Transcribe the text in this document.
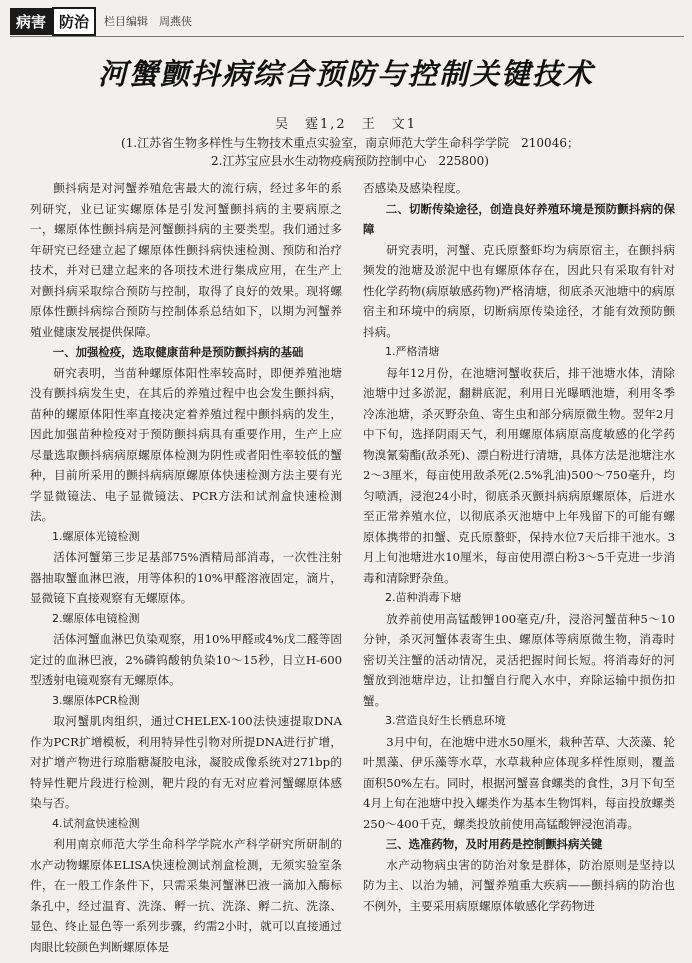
病害 防治	栏目编辑　周燕侠
河蟹颤抖病综合预防与控制关键技术
吴　霆1,2　王　文1
(1.江苏省生物多样性与生物技术重点实验室，南京师范大学生命科学学院　210046；
2.江苏宝应县水生动物疫病预防控制中心　225800)

颤抖病是对河蟹养殖危害最大的流行病，经过多年的系列研究，业已证实螺原体是引发河蟹颤抖病的主要病原之一，螺原体性颤抖病是河蟹颤抖病的主要类型。我们通过多年研究已经建立起了螺原体性颤抖病快速检测、预防和治疗技术，并对已建立起来的各项技术进行集成应用，在生产上对颤抖病采取综合预防与控制，取得了良好的效果。现将螺原体性颤抖病综合预防与控制体系总结如下，以期为河蟹养殖业健康发展提供保障。

一、加强检疫，选取健康苗种是预防颤抖病的基础

研究表明，当苗种螺原体阳性率较高时，即便养殖池塘没有颤抖病发生史，在其后的养殖过程中也会发生颤抖病，苗种的螺原体阳性率直接决定着养殖过程中颤抖病的发生，因此加强苗种检疫对于预防颤抖病具有重要作用，生产上应尽量选取颤抖病病原螺原体检测为阴性或者阳性率较低的蟹种，目前所采用的颤抖病病原螺原体快速检测方法主要有光学显微镜法、电子显微镜法、PCR方法和试剂盒快速检测法。

1.螺原体光镜检测

活体河蟹第三步足基部75%酒精局部消毒，一次性注射器抽取蟹血淋巴液，用等体积的10%甲醛溶液固定，滴片，显微镜下直接观察有无螺原体。

2.螺原体电镜检测

活体河蟹血淋巴负染观察，用10%甲醛或4%戊二醛等固定过的血淋巴液，2%磷钨酸钠负染10～15秒，日立H-600型透射电镜观察有无螺原体。

3.螺原体PCR检测

取河蟹肌肉组织，通过CHELEX-100法快速提取DNA作为PCR扩增模板，利用特异性引物对所提DNA进行扩增，对扩增产物进行琼脂糖凝胶电泳，凝胶成像系统对271bp的特异性靶片段进行检测，靶片段的有无对应着河蟹螺原体感染与否。

4.试剂盒快速检测

利用南京师范大学生命科学学院水产科学研究所研制的水产动物螺原体ELISA快速检测试剂盒检测，无须实验室条件，在一般工作条件下，只需采集河蟹淋巴液一滴加入酶标条孔中，经过温育、洗涤、孵一抗、洗涤、孵二抗、洗涤、显色、终止显色等一系列步骤，约需2小时，就可以直接通过肉眼比较颜色判断螺原体是

否感染及感染程度。

二、切断传染途径，创造良好养殖环境是预防颤抖病的保障

研究表明，河蟹、克氏原螯虾均为病原宿主，在颤抖病频发的池塘及淤泥中也有螺原体存在，因此只有采取有针对性化学药物(病原敏感药物)严格清塘，彻底杀灭池塘中的病原宿主和环境中的病原，切断病原传染途径，才能有效预防颤抖病。

1.严格清塘

每年12月份，在池塘河蟹收获后，排干池塘水体，清除池塘中过多淤泥，翻耕底泥，利用日光曝晒池塘，利用冬季冷冻池塘，杀灭野杂鱼、寄生虫和部分病原微生物。翌年2月中下旬，选择阴雨天气，利用螺原体病原高度敏感的化学药物溴氰菊酯(敌杀死)、漂白粉进行清塘，具体方法是池塘注水2～3厘米，每亩使用敌杀死(2.5%乳油)500～750毫升，均匀喷洒，浸泡24小时，彻底杀灭颤抖病病原螺原体，后进水至正常养殖水位，以彻底杀灭池塘中上年残留下的可能有螺原体携带的扣蟹、克氏原螯虾，保持水位7天后排干池水。3月上旬池塘进水10厘米，每亩使用漂白粉3～5千克进一步消毒和清除野杂鱼。

2.苗种消毒下塘

放养前使用高锰酸钾100毫克/升，浸浴河蟹苗种5～10分钟，杀灭河蟹体表寄生虫、螺原体等病原微生物，消毒时密切关注蟹的活动情况，灵活把握时间长短。将消毒好的河蟹放到池塘岸边，让扣蟹自行爬入水中，弃除运输中损伤扣蟹。

3.营造良好生长栖息环境

3月中旬，在池塘中进水50厘米，栽种苦草、大茨藻、轮叶黑藻、伊乐藻等水草，水草栽种应体现多样性原则，覆盖面积50%左右。同时，根据河蟹喜食螺类的食性，3月下旬至4月上旬在池塘中投入螺类作为基本生物饵料，每亩投放螺类250～400千克，螺类投放前使用高锰酸钾浸泡消毒。

三、选准药物，及时用药是控制颤抖病关键

水产动物病虫害的防治对象是群体，防治原则是坚持以防为主、以治为辅，河蟹养殖重大疾病——颤抖病的防治也不例外，主要采用病原螺原体敏感化学药物进
